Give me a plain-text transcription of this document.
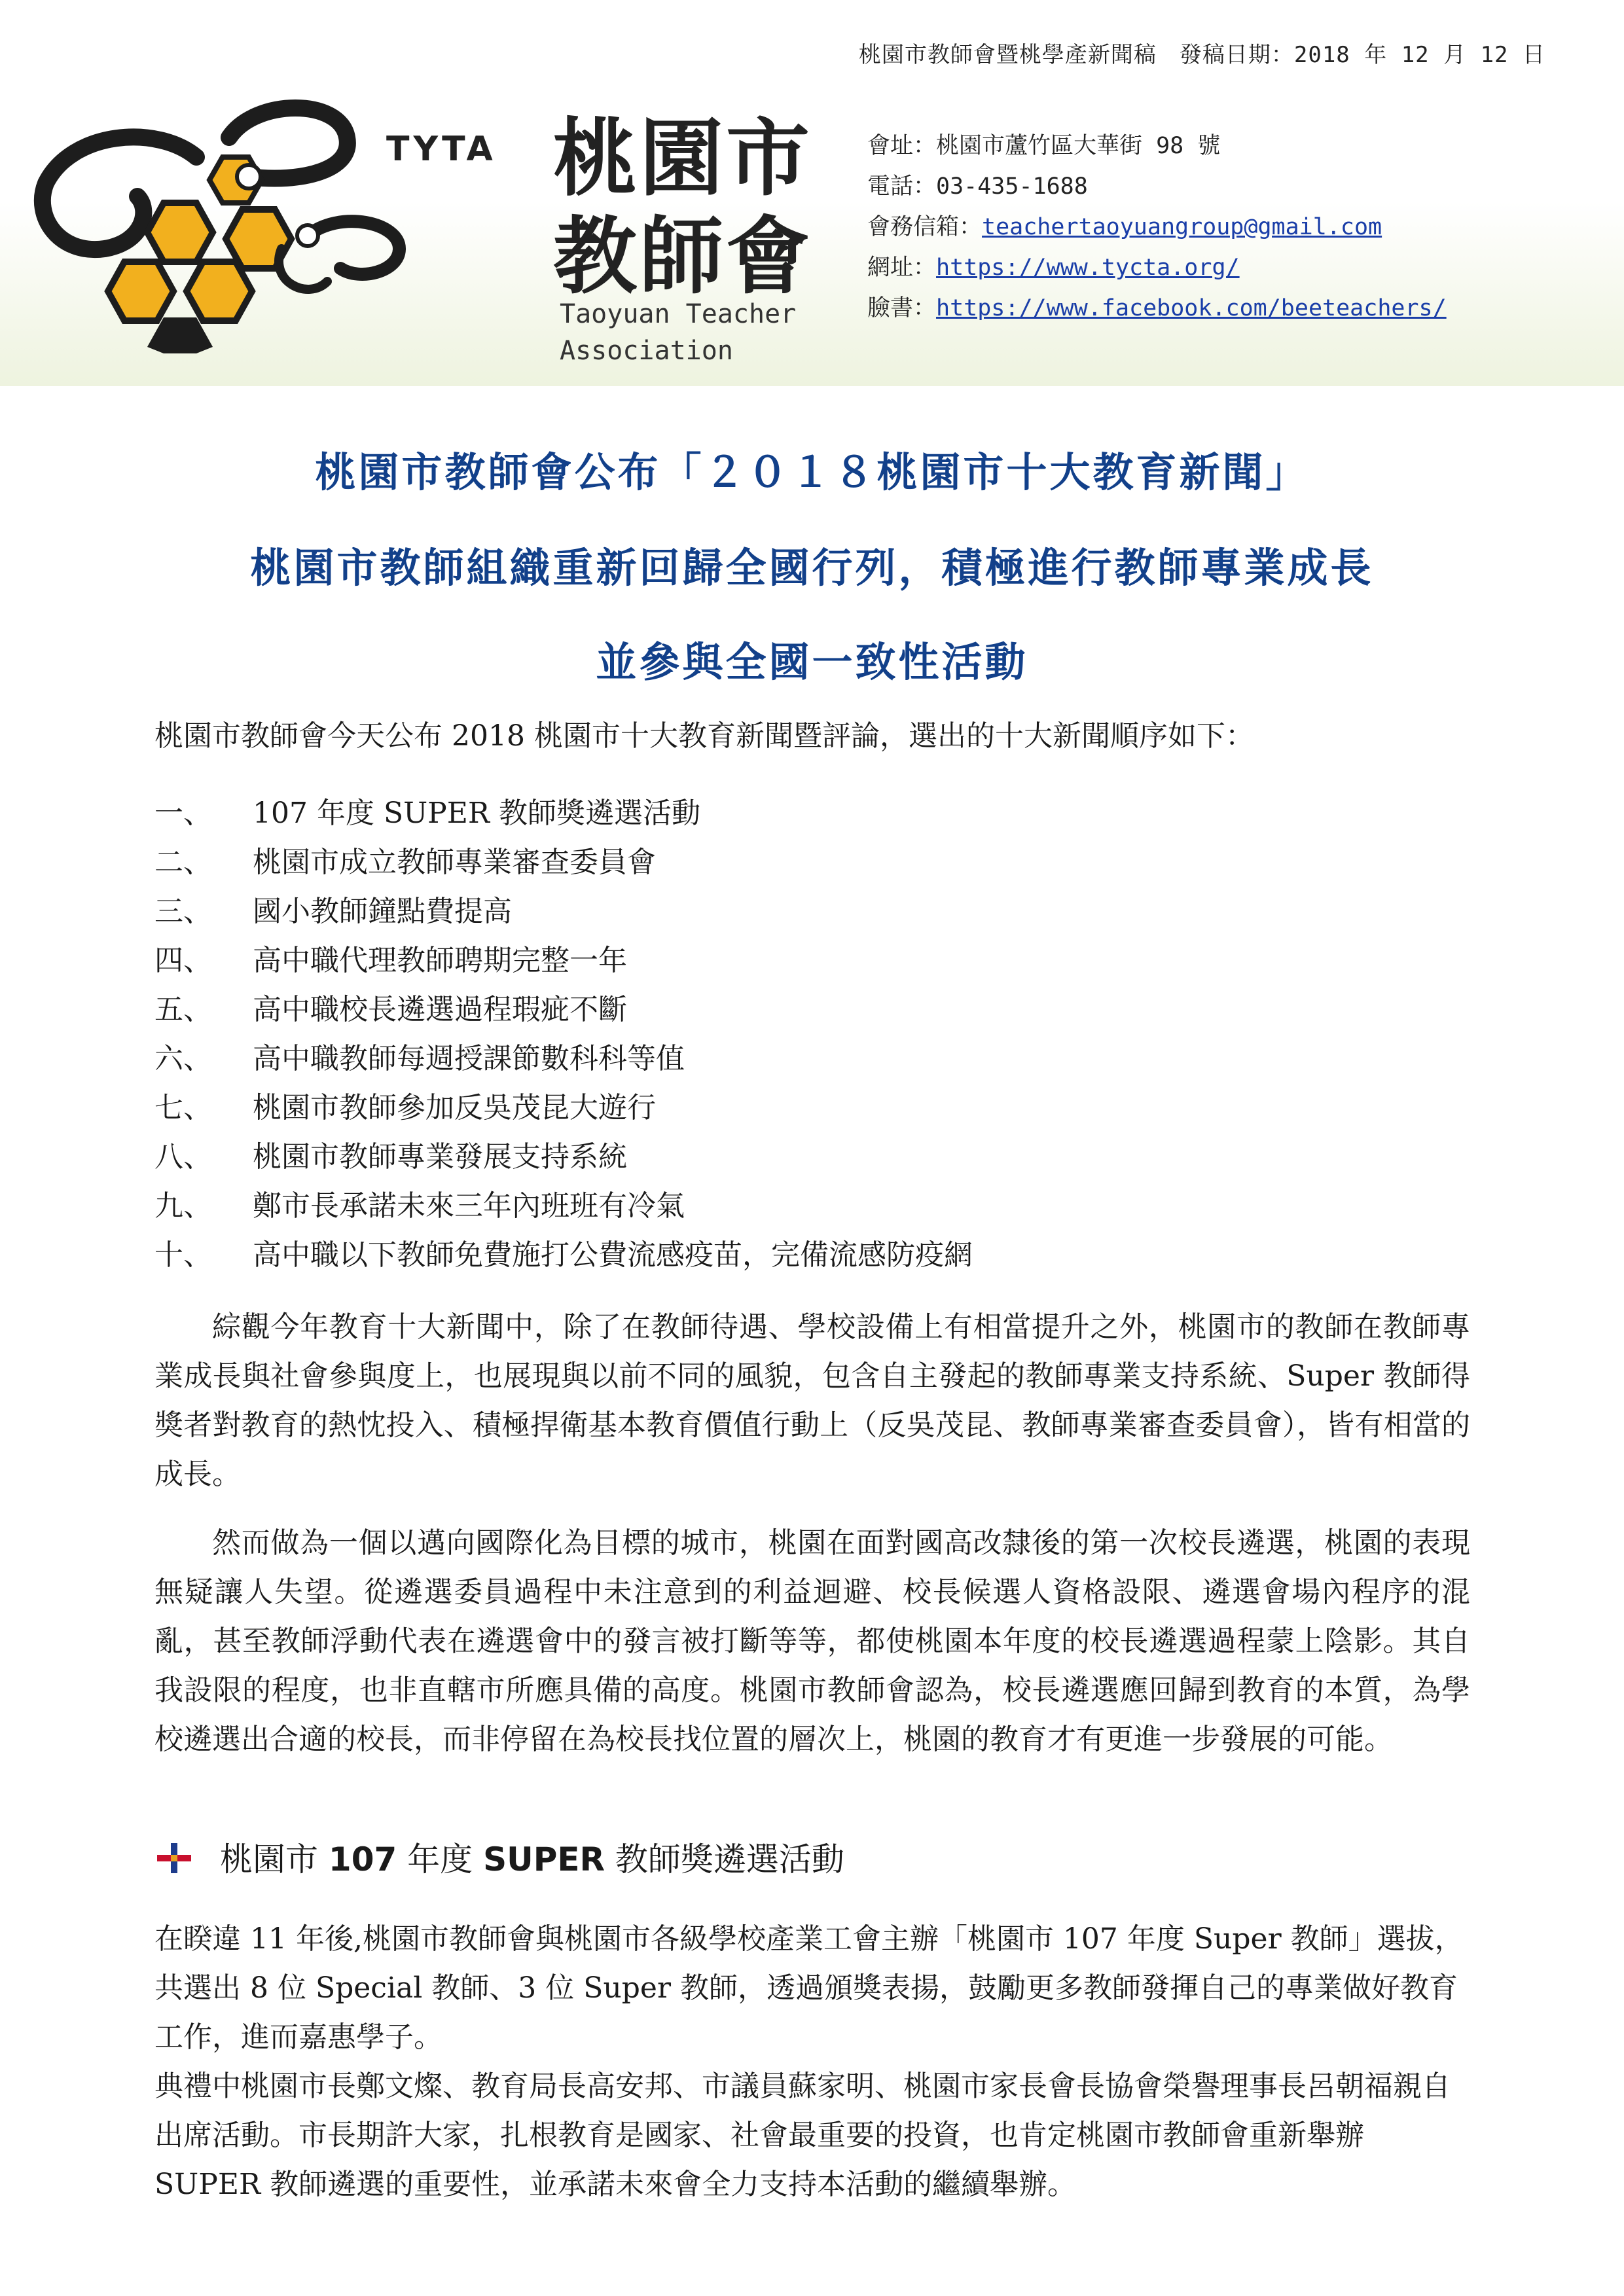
桃園市教師會暨桃學產新聞稿　發稿日期：2018 年 12 月 12 日
TYTA 桃園市
教師會
Taoyuan Teacher
Association
會址：桃園市蘆竹區大華街 98 號
電話：03-435-1688
會務信箱：teachertaoyuangroup@gmail.com
網址：https://www.tycta.org/
臉書：https://www.facebook.com/beeteachers/
桃園市教師會公布「２０１８桃園市十大教育新聞」
桃園市教師組織重新回歸全國行列，積極進行教師專業成長
並參與全國一致性活動
桃園市教師會今天公布 2018 桃園市十大教育新聞暨評論，選出的十大新聞順序如下：
一、 107 年度 SUPER 教師獎遴選活動
二、 桃園市成立教師專業審查委員會
三、 國小教師鐘點費提高
四、 高中職代理教師聘期完整一年
五、 高中職校長遴選過程瑕疵不斷
六、 高中職教師每週授課節數科科等值
七、 桃園市教師參加反吳茂昆大遊行
八、 桃園市教師專業發展支持系統
九、 鄭市長承諾未來三年內班班有冷氣
十、 高中職以下教師免費施打公費流感疫苗，完備流感防疫網
綜觀今年教育十大新聞中，除了在教師待遇、學校設備上有相當提升之外，桃園市的教師在教師專業成長與社會參與度上，也展現與以前不同的風貌，包含自主發起的教師專業支持系統、Super 教師得獎者對教育的熱忱投入、積極捍衛基本教育價值行動上（反吳茂昆、教師專業審查委員會），皆有相當的成長。
然而做為一個以邁向國際化為目標的城市，桃園在面對國高改隸後的第一次校長遴選，桃園的表現無疑讓人失望。從遴選委員過程中未注意到的利益迴避、校長候選人資格設限、遴選會場內程序的混亂，甚至教師浮動代表在遴選會中的發言被打斷等等，都使桃園本年度的校長遴選過程蒙上陰影。其自我設限的程度，也非直轄市所應具備的高度。桃園市教師會認為，校長遴選應回歸到教育的本質，為學校遴選出合適的校長，而非停留在為校長找位置的層次上，桃園的教育才有更進一步發展的可能。
桃園市 107 年度 SUPER 教師獎遴選活動
在睽違 11 年後,桃園市教師會與桃園市各級學校產業工會主辦「桃園市 107 年度 Super 教師」選拔，共選出 8 位 Special 教師、3 位 Super 教師，透過頒獎表揚，鼓勵更多教師發揮自己的專業做好教育工作，進而嘉惠學子。
典禮中桃園市長鄭文燦、教育局長高安邦、市議員蘇家明、桃園市家長會長協會榮譽理事長呂朝福親自出席活動。市長期許大家，扎根教育是國家、社會最重要的投資，也肯定桃園市教師會重新舉辦 SUPER 教師遴選的重要性，並承諾未來會全力支持本活動的繼續舉辦。
